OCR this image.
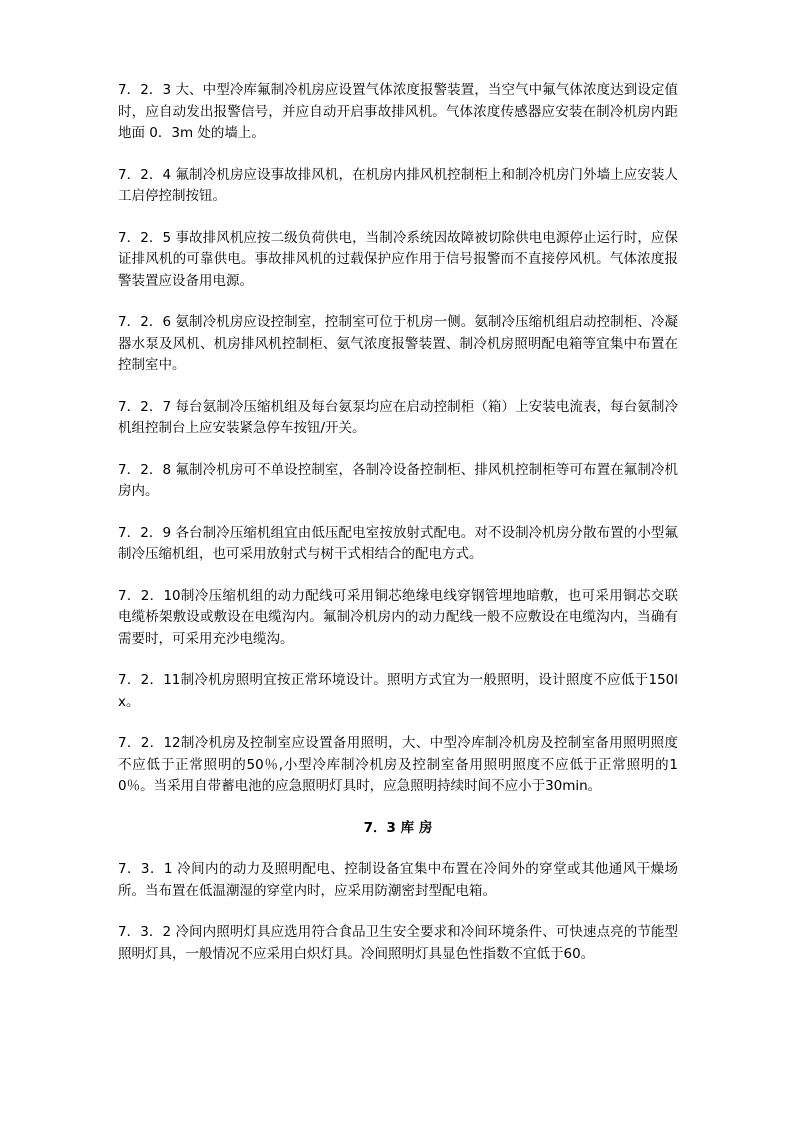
7．2．3 大、中型冷库氟制冷机房应设置气体浓度报警装置，当空气中氟气体浓度达到设定值时，应自动发出报警信号，并应自动开启事故排风机。气体浓度传感器应安装在制冷机房内距地面 0．3m 处的墙上。

7．2．4 氟制冷机房应设事故排风机，在机房内排风机控制柜上和制冷机房门外墙上应安装人工启停控制按钮。

7．2．5 事故排风机应按二级负荷供电，当制冷系统因故障被切除供电电源停止运行时，应保证排风机的可靠供电。事故排风机的过载保护应作用于信号报警而不直接停风机。气体浓度报警装置应设备用电源。

7．2．6 氨制冷机房应设控制室，控制室可位于机房一侧。氨制冷压缩机组启动控制柜、冷凝器水泵及风机、机房排风机控制柜、氨气浓度报警装置、制冷机房照明配电箱等宜集中布置在控制室中。

7．2．7 每台氨制冷压缩机组及每台氨泵均应在启动控制柜（箱）上安装电流表，每台氨制冷机组控制台上应安装紧急停车按钮/开关。

7．2．8 氟制冷机房可不单设控制室，各制冷设备控制柜、排风机控制柜等可布置在氟制冷机房内。

7．2．9 各台制冷压缩机组宜由低压配电室按放射式配电。对不设制冷机房分散布置的小型氟制冷压缩机组，也可采用放射式与树干式相结合的配电方式。

7．2．10制冷压缩机组的动力配线可采用铜芯绝缘电线穿钢管埋地暗敷，也可采用铜芯交联电缆桥架敷设或敷设在电缆沟内。氟制冷机房内的动力配线一般不应敷设在电缆沟内，当确有需要时，可采用充沙电缆沟。

7．2．11制冷机房照明宜按正常环境设计。照明方式宜为一般照明，设计照度不应低于150lx。

7．2．12制冷机房及控制室应设置备用照明，大、中型冷库制冷机房及控制室备用照明照度不应低于正常照明的50％,小型冷库制冷机房及控制室备用照明照度不应低于正常照明的10％。当采用自带蓄电池的应急照明灯具时，应急照明持续时间不应小于30min。

7．3 库 房

7．3．1 冷间内的动力及照明配电、控制设备宜集中布置在冷间外的穿堂或其他通风干燥场所。当布置在低温潮湿的穿堂内时，应采用防潮密封型配电箱。

7．3．2 冷间内照明灯具应选用符合食品卫生安全要求和冷间环境条件、可快速点亮的节能型照明灯具，一般情况不应采用白炽灯具。冷间照明灯具显色性指数不宜低于60。
